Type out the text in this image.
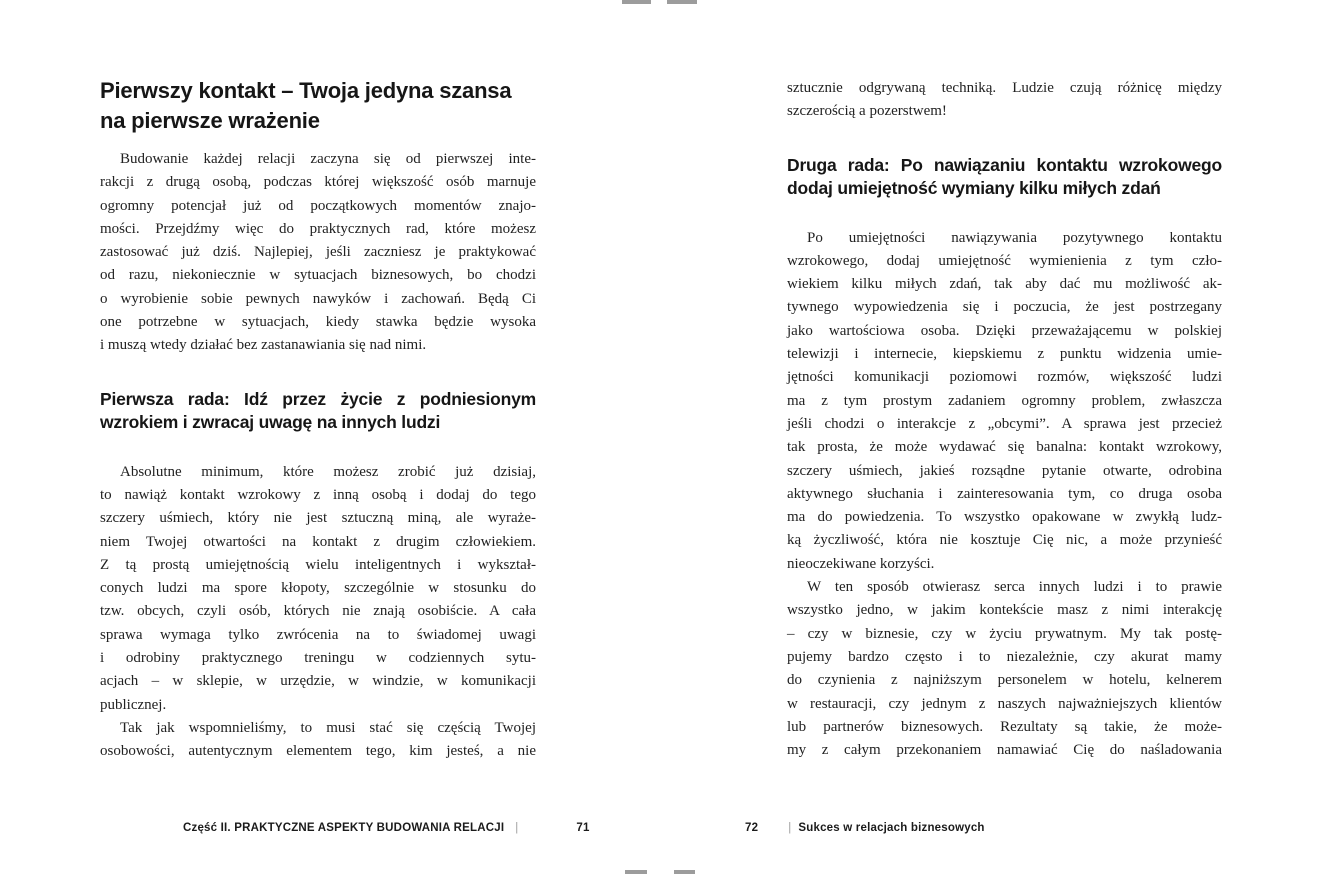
Pierwszy kontakt – Twoja jedyna szansa
na pierwsze wrażenie
Budowanie każdej relacji zaczyna się od pierwszej inte-
rakcji z drugą osobą, podczas której większość osób marnuje
ogromny potencjał już od początkowych momentów znajo-
mości. Przejdźmy więc do praktycznych rad, które możesz
zastosować już dziś. Najlepiej, jeśli zaczniesz je praktykować
od razu, niekoniecznie w sytuacjach biznesowych, bo chodzi
o wyrobienie sobie pewnych nawyków i zachowań. Będą Ci
one potrzebne w sytuacjach, kiedy stawka będzie wysoka
i muszą wtedy działać bez zastanawiania się nad nimi.
Pierwsza rada: Idź przez życie z podniesionym
wzrokiem i zwracaj uwagę na innych ludzi
Absolutne minimum, które możesz zrobić już dzisiaj,
to nawiąż kontakt wzrokowy z inną osobą i dodaj do tego
szczery uśmiech, który nie jest sztuczną miną, ale wyraże-
niem Twojej otwartości na kontakt z drugim człowiekiem.
Z tą prostą umiejętnością wielu inteligentnych i wykształ-
conych ludzi ma spore kłopoty, szczególnie w stosunku do
tzw. obcych, czyli osób, których nie znają osobiście. A cała
sprawa wymaga tylko zwrócenia na to świadomej uwagi
i odrobiny praktycznego treningu w codziennych sytu-
acjach – w sklepie, w urzędzie, w windzie, w komunikacji
publicznej.
Tak jak wspomnieliśmy, to musi stać się częścią Twojej
osobowości, autentycznym elementem tego, kim jesteś, a nie
sztucznie odgrywaną techniką. Ludzie czują różnicę między
szczerością a pozerstwem!
Druga rada: Po nawiązaniu kontaktu wzrokowego
dodaj umiejętność wymiany kilku miłych zdań
Po umiejętności nawiązywania pozytywnego kontaktu
wzrokowego, dodaj umiejętność wymienienia z tym czło-
wiekiem kilku miłych zdań, tak aby dać mu możliwość ak-
tywnego wypowiedzenia się i poczucia, że jest postrzegany
jako wartościowa osoba. Dzięki przeważającemu w polskiej
telewizji i internecie, kiepskiemu z punktu widzenia umie-
jętności komunikacji poziomowi rozmów, większość ludzi
ma z tym prostym zadaniem ogromny problem, zwłaszcza
jeśli chodzi o interakcje z „obcymi”. A sprawa jest przecież
tak prosta, że może wydawać się banalna: kontakt wzrokowy,
szczery uśmiech, jakieś rozsądne pytanie otwarte, odrobina
aktywnego słuchania i zainteresowania tym, co druga osoba
ma do powiedzenia. To wszystko opakowane w zwykłą ludz-
ką życzliwość, która nie kosztuje Cię nic, a może przynieść
nieoczekiwane korzyści.
W ten sposób otwierasz serca innych ludzi i to prawie
wszystko jedno, w jakim kontekście masz z nimi interakcję
– czy w biznesie, czy w życiu prywatnym. My tak postę-
pujemy bardzo często i to niezależnie, czy akurat mamy
do czynienia z najniższym personelem w hotelu, kelnerem
w restauracji, czy jednym z naszych najważniejszych klientów
lub partnerów biznesowych. Rezultaty są takie, że może-
my z całym przekonaniem namawiać Cię do naśladowania
Część II. PRAKTYCZNE ASPEKTY BUDOWANIA RELACJI |	71	72	| Sukces w relacjach biznesowych
